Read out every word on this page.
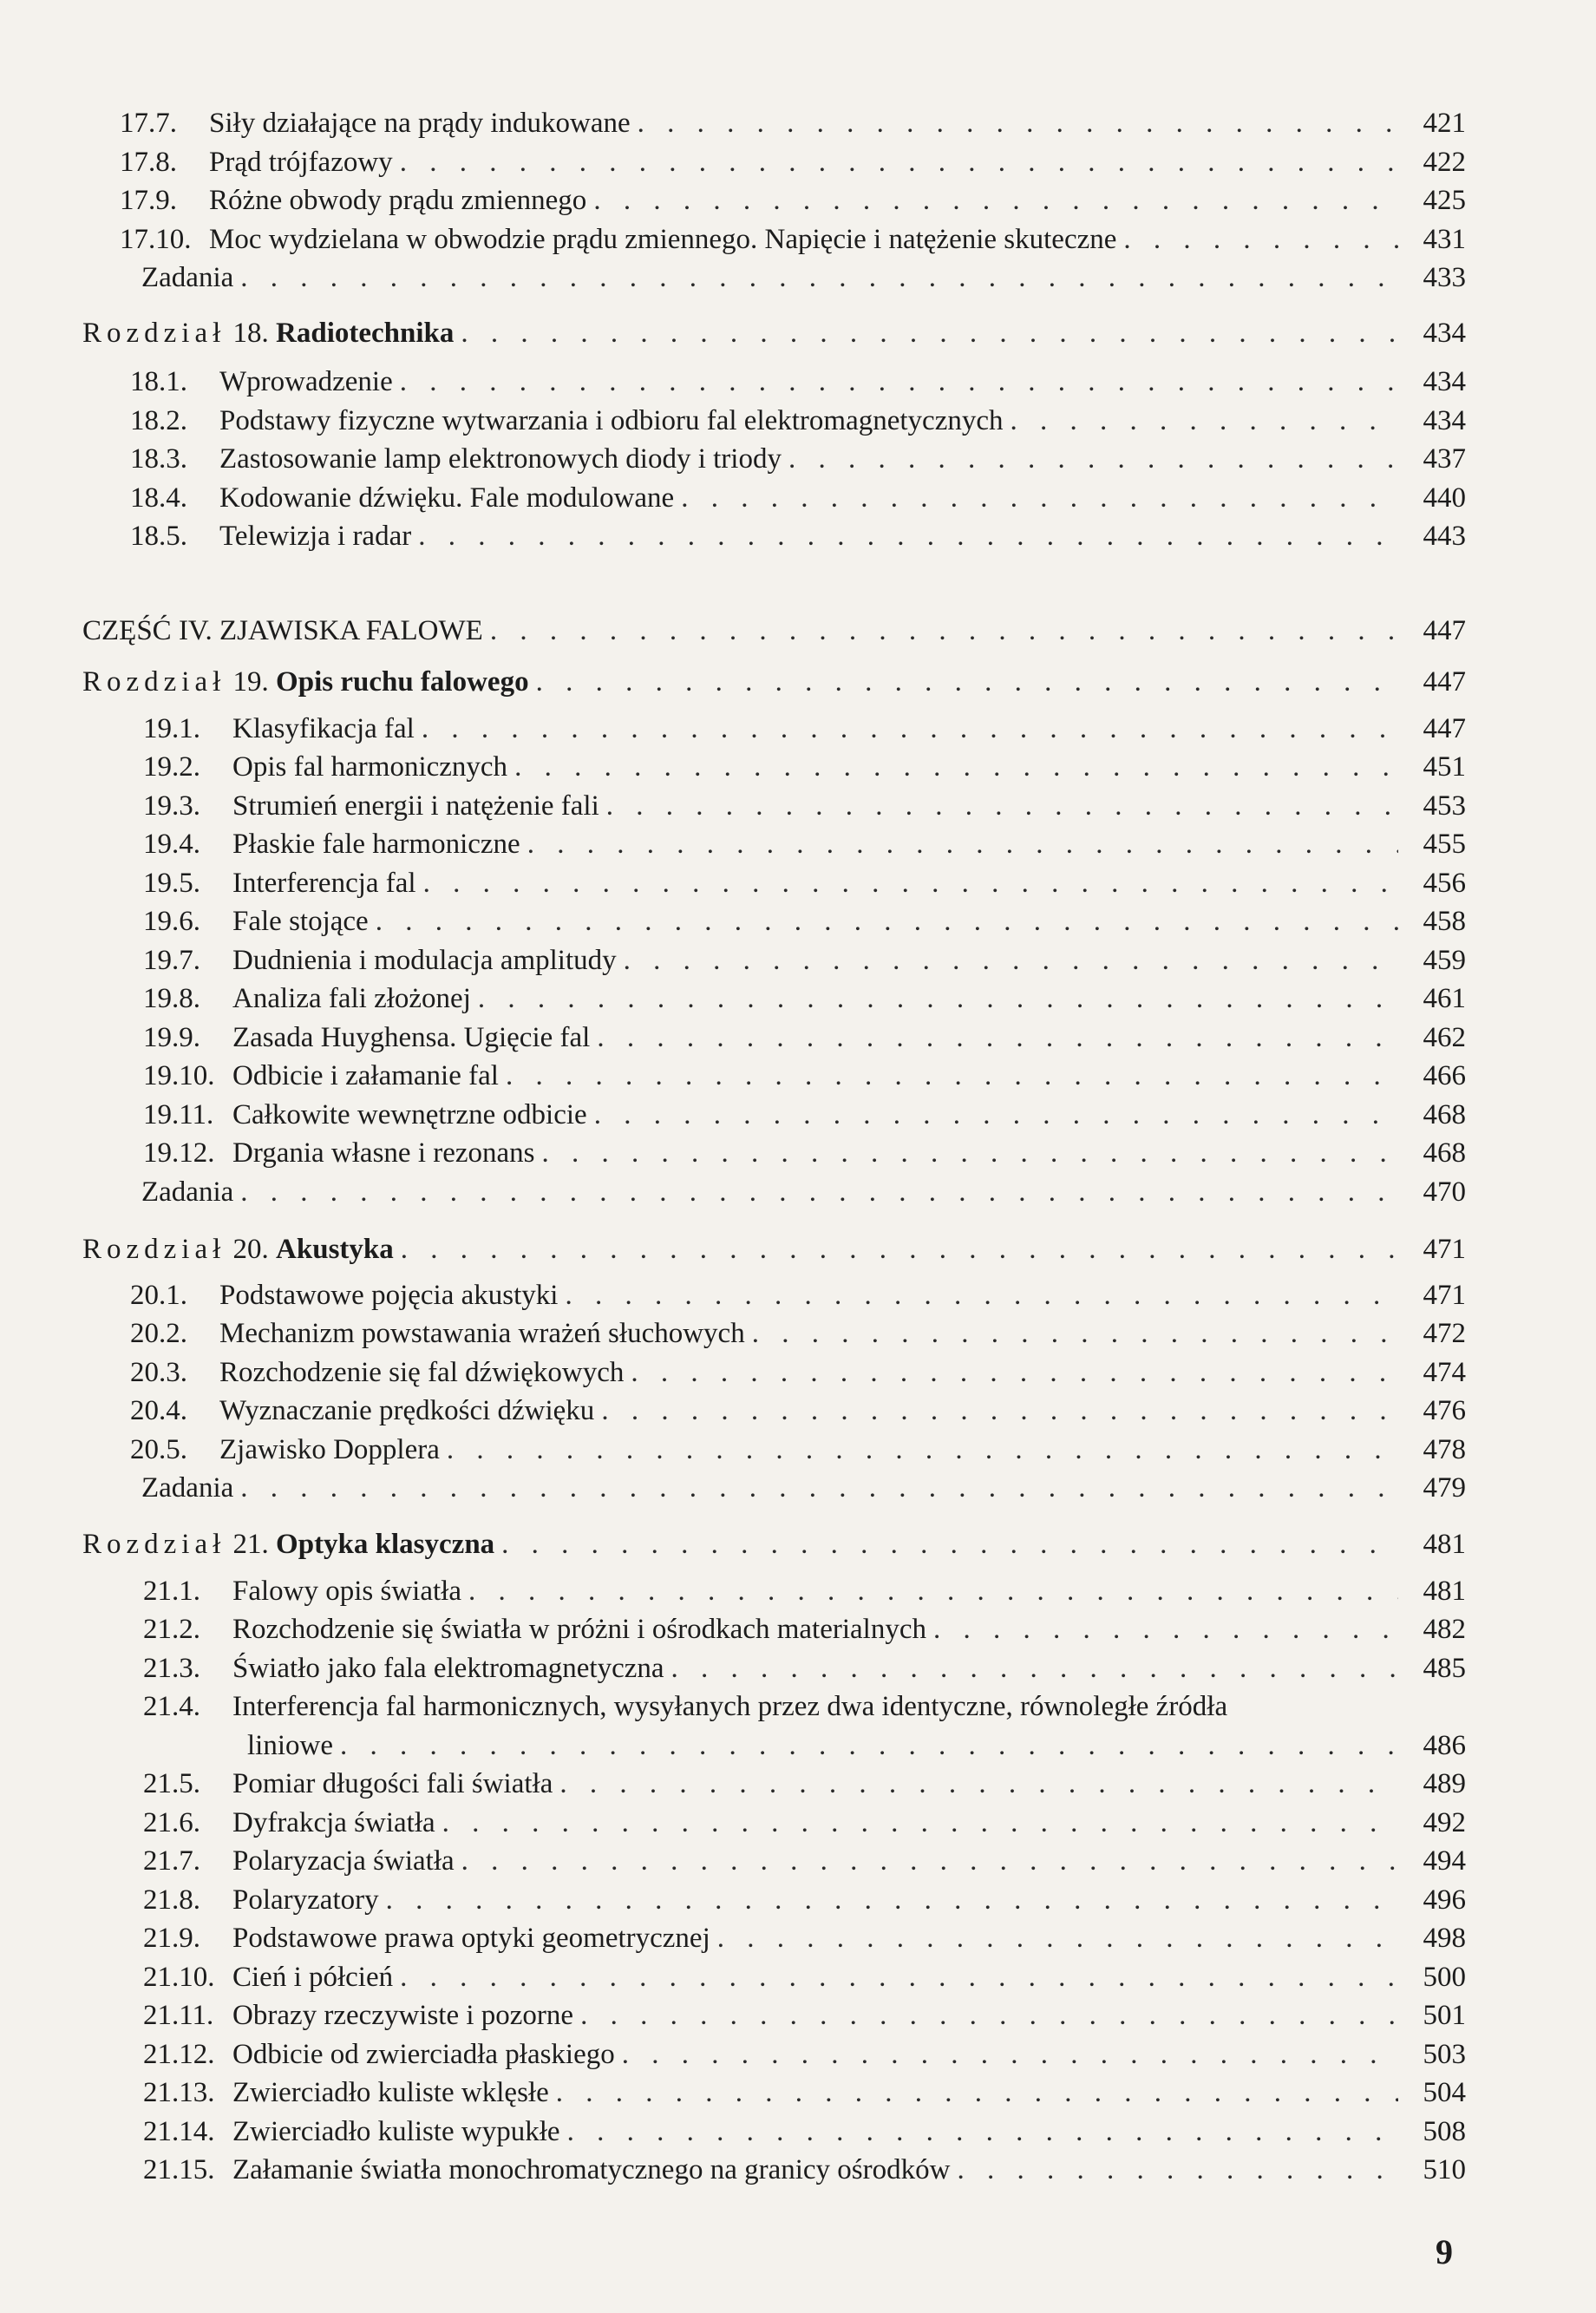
17.7.	Siły działające na prądy indukowane . . .	421
17.8.	Prąd trójfazowy . . .	422
17.9.	Różne obwody prądu zmiennego . . .	425
17.10. Moc wydzielana w obwodzie prądu zmiennego. Napięcie i natężenie skuteczne . . .	431
Zadania . . .	433
Rozdział 18. Radiotechnika . . .	434
18.1.	Wprowadzenie . . .	434
18.2.	Podstawy fizyczne wytwarzania i odbioru fal elektromagnetycznych . . .	434
18.3.	Zastosowanie lamp elektronowych diody i triody . . .	437
18.4.	Kodowanie dźwięku. Fale modulowane . . .	440
18.5.	Telewizja i radar . . .	443
CZĘŚĆ IV. ZJAWISKA FALOWE . . .	447
Rozdział 19. Opis ruchu falowego . . .	447
19.1.	Klasyfikacja fal . . .	447
19.2.	Opis fal harmonicznych . . .	451
19.3.	Strumień energii i natężenie fali . . .	453
19.4.	Płaskie fale harmoniczne . . .	455
19.5.	Interferencja fal . . .	456
19.6.	Fale stojące . . .	458
19.7.	Dudnienia i modulacja amplitudy . . .	459
19.8.	Analiza fali złożonej . . .	461
19.9.	Zasada Huyghensa. Ugięcie fal . . .	462
19.10. Odbicie i załamanie fal . . .	466
19.11. Całkowite wewnętrzne odbicie . . .	468
19.12. Drgania własne i rezonans . . .	468
Zadania . . .	470
Rozdział 20. Akustyka . . .	471
20.1.	Podstawowe pojęcia akustyki . . .	471
20.2.	Mechanizm powstawania wrażeń słuchowych . . .	472
20.3.	Rozchodzenie się fal dźwiękowych . . .	474
20.4.	Wyznaczanie prędkości dźwięku . . .	476
20.5.	Zjawisko Dopplera . . .	478
Zadania . . .	479
Rozdział 21. Optyka klasyczna . . .	481
21.1.	Falowy opis światła . . .	481
21.2.	Rozchodzenie się światła w próżni i ośrodkach materialnych . . .	482
21.3.	Światło jako fala elektromagnetyczna . . .	485
21.4.	Interferencja fal harmonicznych, wysyłanych przez dwa identyczne, równoległe źródła
liniowe . . .	486
21.5.	Pomiar długości fali światła . . .	489
21.6.	Dyfrakcja światła . . .	492
21.7.	Polaryzacja światła . . .	494
21.8.	Polaryzatory . . .	496
21.9.	Podstawowe prawa optyki geometrycznej . . .	498
21.10. Cień i półcień . . .	500
21.11. Obrazy rzeczywiste i pozorne . . .	501
21.12. Odbicie od zwierciadła płaskiego . . .	503
21.13. Zwierciadło kuliste wklęsłe . . .	504
21.14. Zwierciadło kuliste wypukłe . . .	508
21.15. Załamanie światła monochromatycznego na granicy ośrodków . . .	510
9
